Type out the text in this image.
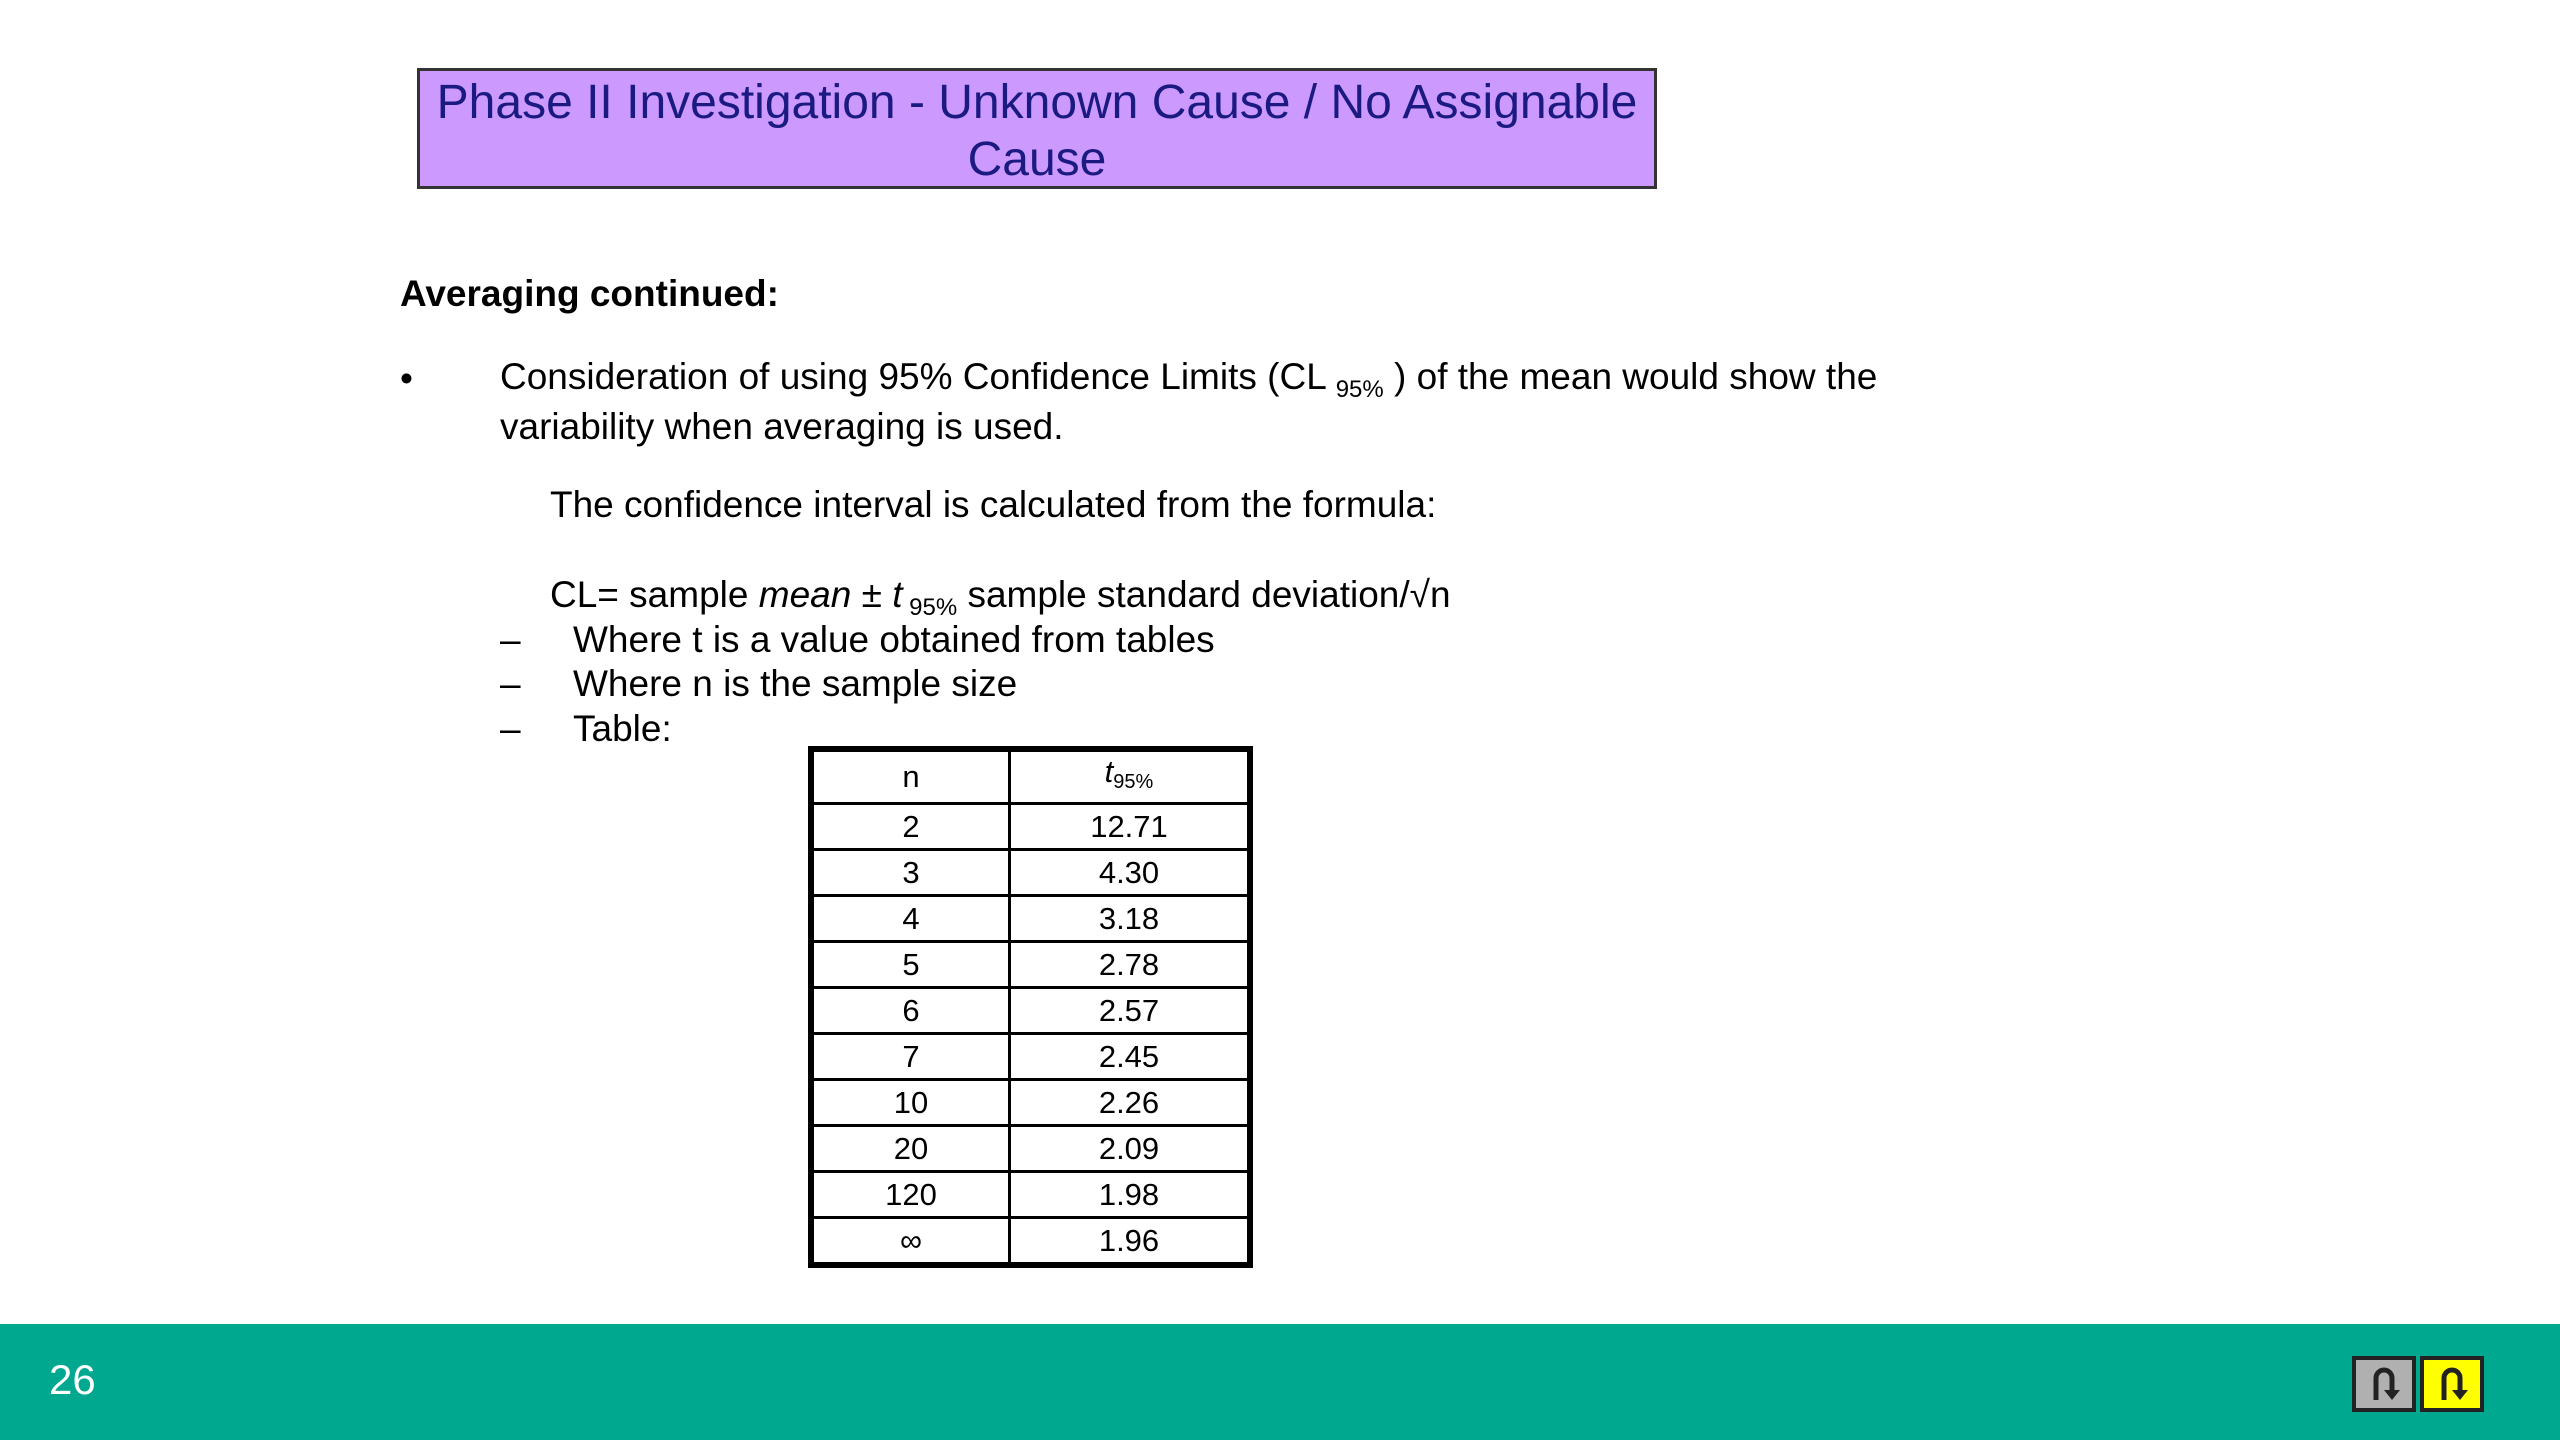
Phase II Investigation - Unknown Cause / No Assignable
Cause
Averaging continued:
• Consideration of using 95% Confidence Limits (CL $_{95\%}$ ) of the mean would show the variability when averaging is used.
The confidence interval is calculated from the formula:
CL= sample mean ± t $_{95\%}$ sample standard deviation/√n
– Where t is a value obtained from tables
– Where n is the sample size
– Table:
n	$t_{95\%}$
2	12.71
3	4.30
4	3.18
5	2.78
6	2.57
7	2.45
10	2.26
20	2.09
120	1.98
∞	1.96
26
